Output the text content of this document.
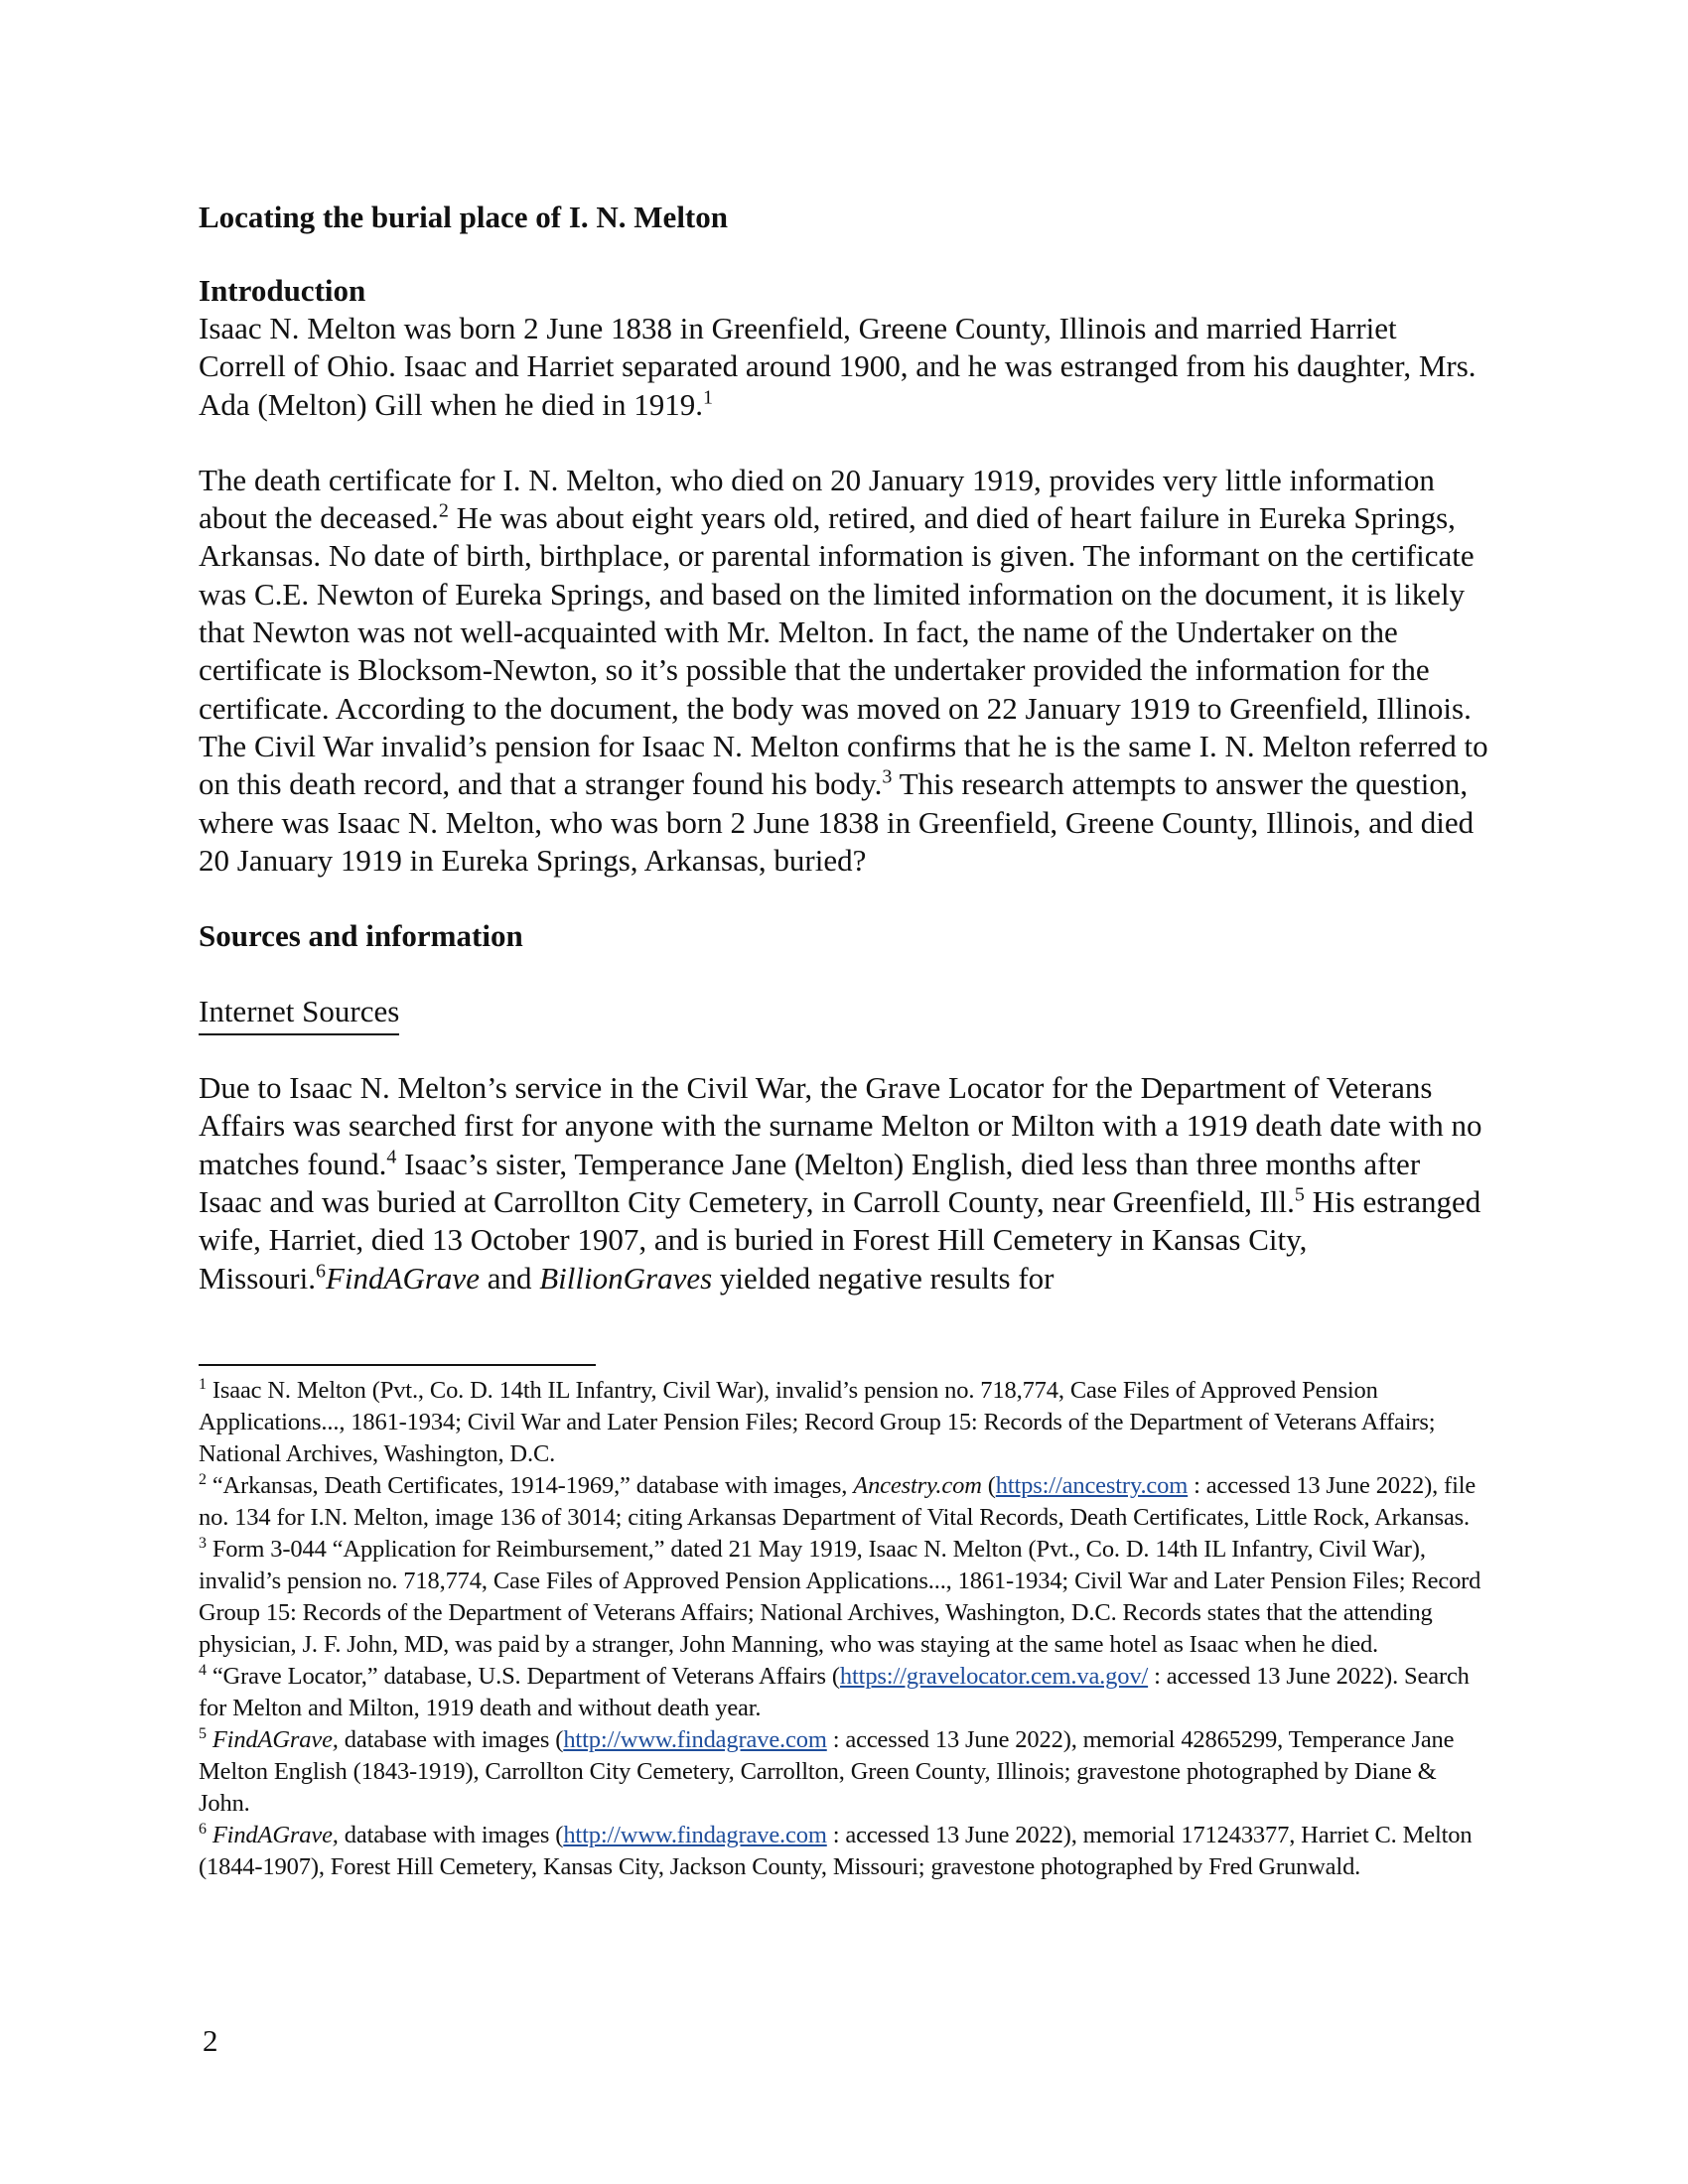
Locating the burial place of I. N. Melton

Introduction

Isaac N. Melton was born 2 June 1838 in Greenfield, Greene County, Illinois and married Harriet Correll of Ohio. Isaac and Harriet separated around 1900, and he was estranged from his daughter, Mrs. Ada (Melton) Gill when he died in 1919.$^1$

The death certificate for I. N. Melton, who died on 20 January 1919, provides very little information about the deceased.$^2$ He was about eight years old, retired, and died of heart failure in Eureka Springs, Arkansas. No date of birth, birthplace, or parental information is given. The informant on the certificate was C.E. Newton of Eureka Springs, and based on the limited information on the document, it is likely that Newton was not well-acquainted with Mr. Melton. In fact, the name of the Undertaker on the certificate is Blocksom-Newton, so it’s possible that the undertaker provided the information for the certificate. According to the document, the body was moved on 22 January 1919 to Greenfield, Illinois. The Civil War invalid’s pension for Isaac N. Melton confirms that he is the same I. N. Melton referred to on this death record, and that a stranger found his body.$^3$ This research attempts to answer the question, where was Isaac N. Melton, who was born 2 June 1838 in Greenfield, Greene County, Illinois, and died 20 January 1919 in Eureka Springs, Arkansas, buried?

Sources and information

Internet Sources

Due to Isaac N. Melton’s service in the Civil War, the Grave Locator for the Department of Veterans Affairs was searched first for anyone with the surname Melton or Milton with a 1919 death date with no matches found.$^4$ Isaac’s sister, Temperance Jane (Melton) English, died less than three months after Isaac and was buried at Carrollton City Cemetery, in Carroll County, near Greenfield, Ill.$^5$ His estranged wife, Harriet, died 13 October 1907, and is buried in Forest Hill Cemetery in Kansas City, Missouri.$^6$FindAGrave and BillionGraves yielded negative results for

$^1$ Isaac N. Melton (Pvt., Co. D. 14th IL Infantry, Civil War), invalid’s pension no. 718,774, Case Files of Approved Pension Applications..., 1861-1934; Civil War and Later Pension Files; Record Group 15: Records of the Department of Veterans Affairs; National Archives, Washington, D.C.

$^2$ “Arkansas, Death Certificates, 1914-1969,” database with images, Ancestry.com (https://ancestry.com : accessed 13 June 2022), file no. 134 for I.N. Melton, image 136 of 3014; citing Arkansas Department of Vital Records, Death Certificates, Little Rock, Arkansas.

$^3$ Form 3-044 “Application for Reimbursement,” dated 21 May 1919, Isaac N. Melton (Pvt., Co. D. 14th IL Infantry, Civil War), invalid’s pension no. 718,774, Case Files of Approved Pension Applications..., 1861-1934; Civil War and Later Pension Files; Record Group 15: Records of the Department of Veterans Affairs; National Archives, Washington, D.C. Records states that the attending physician, J. F. John, MD, was paid by a stranger, John Manning, who was staying at the same hotel as Isaac when he died.

$^4$ “Grave Locator,” database, U.S. Department of Veterans Affairs (https://gravelocator.cem.va.gov/ : accessed 13 June 2022). Search for Melton and Milton, 1919 death and without death year.

$^5$ FindAGrave, database with images (http://www.findagrave.com : accessed 13 June 2022), memorial 42865299, Temperance Jane Melton English (1843-1919), Carrollton City Cemetery, Carrollton, Green County, Illinois; gravestone photographed by Diane & John.

$^6$ FindAGrave, database with images (http://www.findagrave.com : accessed 13 June 2022), memorial 171243377, Harriet C. Melton (1844-1907), Forest Hill Cemetery, Kansas City, Jackson County, Missouri; gravestone photographed by Fred Grunwald.

2
